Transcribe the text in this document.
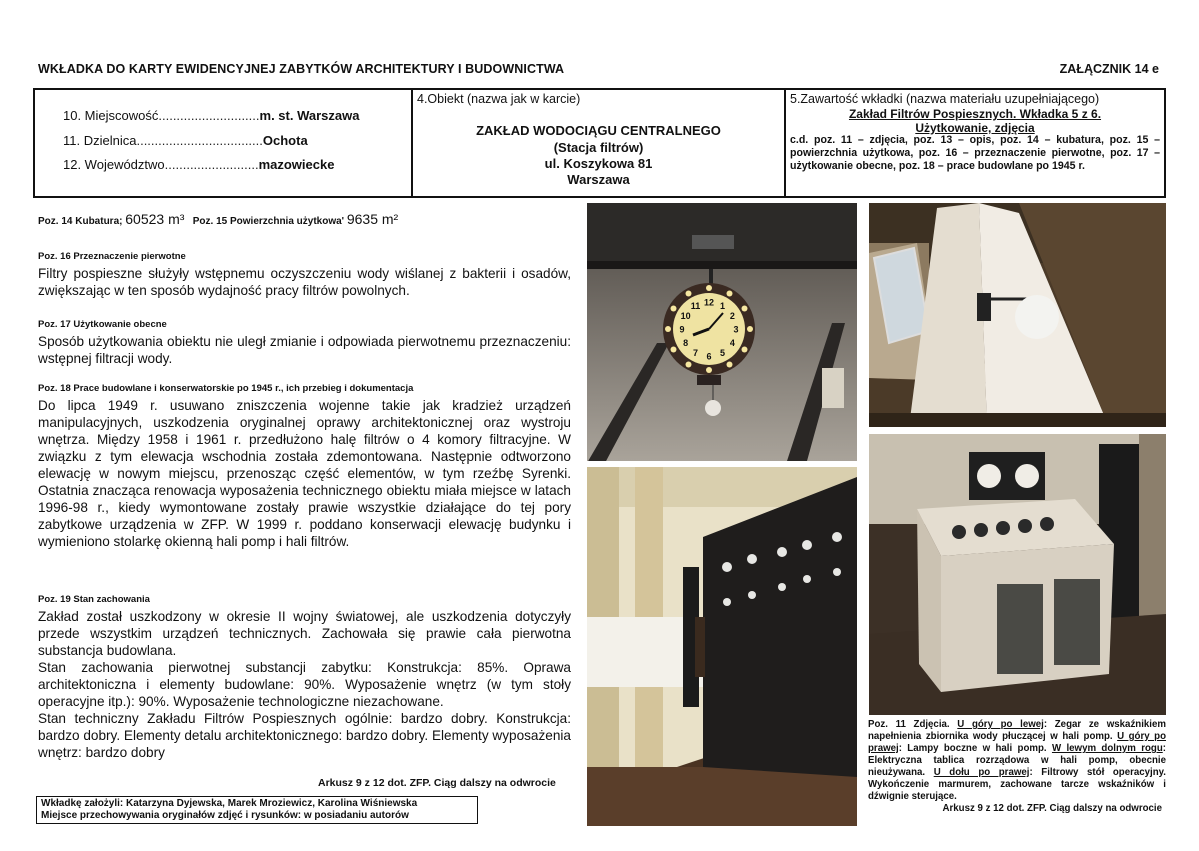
WKŁADKA DO KARTY EWIDENCYJNEJ ZABYTKÓW ARCHITEKTURY I BUDOWNICTWA	ZAŁĄCZNIK 14 e
10. Miejscowość............................m. st. Warszawa
11. Dzielnica...................................Ochota
12. Województwo..........................mazowiecke
4.Obiekt (nazwa jak w karcie)
ZAKŁAD WODOCIĄGU CENTRALNEGO
(Stacja filtrów)
ul. Koszykowa 81
Warszawa
5.Zawartość wkładki (nazwa materiału uzupełniającego)
Zakład Filtrów Pospiesznych. Wkładka 5 z 6.
Użytkowanie, zdjęcia
c.d. poz. 11 – zdjęcia, poz. 13 – opis, poz. 14 – kubatura, poz. 15 – powierzchnia użytkowa, poz. 16 – przeznaczenie pierwotne, poz. 17 – użytkowanie obecne, poz. 18 – prace budowlane po 1945 r.
Poz. 14 Kubatura; 60523 m³ Poz. 15 Powierzchnia użytkowa' 9635 m²
Poz. 16 Przeznaczenie pierwotne
Filtry pospieszne służyły wstępnemu oczyszczeniu wody wiślanej z bakterii i osadów, zwiększając w ten sposób wydajność pracy filtrów powolnych.
Poz. 17 Użytkowanie obecne
Sposób użytkowania obiektu nie uległ zmianie i odpowiada pierwotnemu przeznaczeniu: wstępnej filtracji wody.
Poz. 18 Prace budowlane i konserwatorskie po 1945 r., ich przebieg i dokumentacja
Do lipca 1949 r. usuwano zniszczenia wojenne takie jak kradzież urządzeń manipulacyjnych, uszkodzenia oryginalnej oprawy architektonicznej oraz wystroju wnętrza. Między 1958 i 1961 r. przedłużono halę filtrów o 4 komory filtracyjne. W związku z tym elewacja wschodnia została zdemontowana. Następnie odtworzono elewację w nowym miejscu, przenosząc część elementów, w tym rzeźbę Syrenki. Ostatnia znacząca renowacja wyposażenia technicznego obiektu miała miejsce w latach 1996-98 r., kiedy wymontowane zostały prawie wszystkie działające do tej pory zabytkowe urządzenia w ZFP. W 1999 r. poddano konserwacji elewację budynku i wymieniono stolarkę okienną hali pomp i hali filtrów.
Poz. 19 Stan zachowania
Zakład został uszkodzony w okresie II wojny światowej, ale uszkodzenia dotyczyły przede wszystkim urządzeń technicznych. Zachowała się prawie cała pierwotna substancja budowlana.
Stan zachowania pierwotnej substancji zabytku: Konstrukcja: 85%. Oprawa architektoniczna i elementy budowlane: 90%. Wyposażenie wnętrz (w tym stoły operacyjne itp.): 90%. Wyposażenie technologiczne niezachowane.
Stan techniczny Zakładu Filtrów Pospiesznych ogólnie: bardzo dobry. Konstrukcja: bardzo dobry. Elementy detalu architektonicznego: bardzo dobry. Elementy wyposażenia wnętrz: bardzo dobry
Arkusz 9 z 12 dot. ZFP. Ciąg dalszy na odwrocie
Wkładkę założyli: Katarzyna Dyjewska, Marek Mroziewicz, Karolina Wiśniewska
Miejsce przechowywania oryginałów zdjęć i rysunków: w posiadaniu autorów
12 1
2
3
4
5
6
7
8
9
10
11
Poz. 11 Zdjęcia. U góry po lewej: Zegar ze wskaźnikiem napełnienia zbiornika wody płuczącej w hali pomp. U góry po prawej: Lampy boczne w hali pomp. W lewym dolnym rogu: Elektryczna tablica rozrządowa w hali pomp, obecnie nieużywana. U dołu po prawej: Filtrowy stół operacyjny. Wykończenie marmurem, zachowane tarcze wskaźników i dźwignie sterujące.
Arkusz 9 z 12 dot. ZFP. Ciąg dalszy na odwrocie
